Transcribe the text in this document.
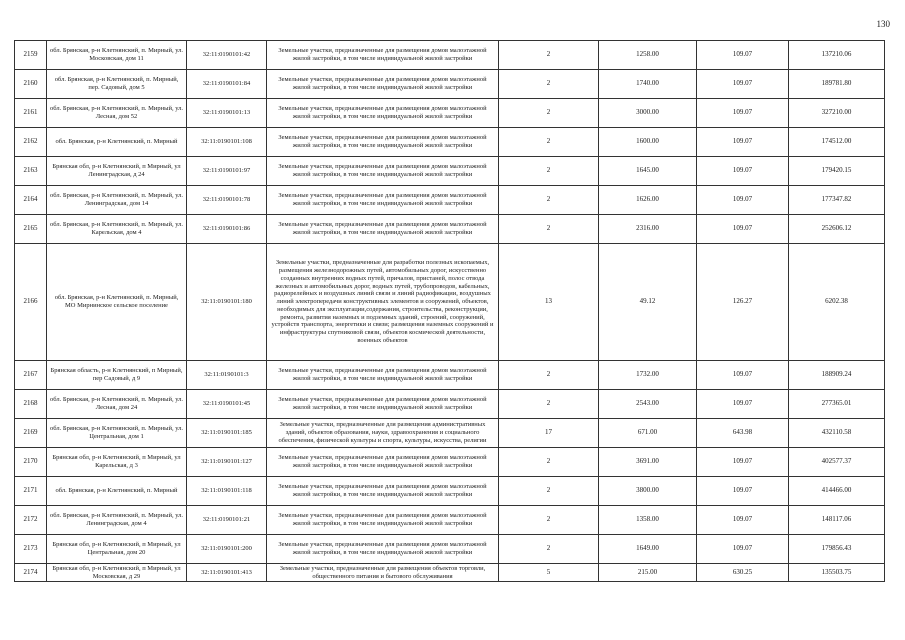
130
2159	обл. Брянская, р-н Клетнянский, п. Мирный, ул. Московская, дом 11	32:11:0190101:42	Земельные участки, предназначенные для размещения домов малоэтажной жилой застройки, в том числе индивидуальной жилой застройки	2	1258.00	109.07	137210.06
2160	обл. Брянская, р-н Клетнянский, п. Мирный, пер. Садовый, дом 5	32:11:0190101:84	Земельные участки, предназначенные для размещения домов малоэтажной жилой застройки, в том числе индивидуальной жилой застройки	2	1740.00	109.07	189781.80
2161	обл. Брянская, р-н Клетнянский, п. Мирный, ул. Лесная, дом 52	32:11:0190101:13	Земельные участки, предназначенные для размещения домов малоэтажной жилой застройки, в том числе индивидуальной жилой застройки	2	3000.00	109.07	327210.00
2162	обл. Брянская, р-н Клетнянский, п. Мирный	32:11:0190101:108	Земельные участки, предназначенные для размещения домов малоэтажной жилой застройки, в том числе индивидуальной жилой застройки	2	1600.00	109.07	174512.00
2163	Брянская обл, р-н Клетнянский, п Мирный, ул Ленинградская, д 24	32:11:0190101:97	Земельные участки, предназначенные для размещения домов малоэтажной жилой застройки, в том числе индивидуальной жилой застройки	2	1645.00	109.07	179420.15
2164	обл. Брянская, р-н Клетнянский, п. Мирный, ул. Ленинградская, дом 14	32:11:0190101:78	Земельные участки, предназначенные для размещения домов малоэтажной жилой застройки, в том числе индивидуальной жилой застройки	2	1626.00	109.07	177347.82
2165	обл. Брянская, р-н Клетнянский, п. Мирный, ул. Карельская, дом 4	32:11:0190101:86	Земельные участки, предназначенные для размещения домов малоэтажной жилой застройки, в том числе индивидуальной жилой застройки	2	2316.00	109.07	252606.12
2166	обл. Брянская, р-н Клетнянский, п. Мирный, МО Мирнинское сельское поселение	32:11:0190101:180	Земельные участки, предназначенные для разработки полезных ископаемых, размещения железнодорожных путей, автомобильных дорог, искусственно созданных внутренних водных путей, причалов, пристаней, полос отвода железных и автомобильных дорог, водных путей, трубопроводов, кабельных, радиорелейных и воздушных линий связи и линий радиофикации, воздушных линий электропередачи конструктивных элементов и сооружений, объектов, необходимых для эксплуатации,содержания, строительства, реконструкции, ремонта, развития наземных и подземных зданий, строений, сооружений, устройств транспорта, энергетики и связи; размещения наземных сооружений и инфраструктуры спутниковой связи, объектов космической деятельности, военных объектов	13	49.12	126.27	6202.38
2167	Брянская область, р-н Клетнянский, п Мирный, пер Садовый, д 9	32:11:0190101:3	Земельные участки, предназначенные для размещения домов малоэтажной жилой застройки, в том числе индивидуальной жилой застройки	2	1732.00	109.07	188909.24
2168	обл. Брянская, р-н Клетнянский, п. Мирный, ул. Лесная, дом 24	32:11:0190101:45	Земельные участки, предназначенные для размещения домов малоэтажной жилой застройки, в том числе индивидуальной жилой застройки	2	2543.00	109.07	277365.01
2169	обл. Брянская, р-н Клетнянский, п. Мирный, ул. Центральная, дом 1	32:11:0190101:185	Земельные участки, предназначенные для размещения административных зданий, объектов образования, науки, здравоохранения и социального обеспечения, физической культуры и спорта, культуры, искусства, религии	17	671.00	643.98	432110.58
2170	Брянская обл, р-н Клетнянский, п Мирный, ул Карельская, д 3	32:11:0190101:127	Земельные участки, предназначенные для размещения домов малоэтажной жилой застройки, в том числе индивидуальной жилой застройки	2	3691.00	109.07	402577.37
2171	обл. Брянская, р-н Клетнянский, п. Мирный	32:11:0190101:118	Земельные участки, предназначенные для размещения домов малоэтажной жилой застройки, в том числе индивидуальной жилой застройки	2	3800.00	109.07	414466.00
2172	обл. Брянская, р-н Клетнянский, п. Мирный, ул. Ленинградская, дом 4	32:11:0190101:21	Земельные участки, предназначенные для размещения домов малоэтажной жилой застройки, в том числе индивидуальной жилой застройки	2	1358.00	109.07	148117.06
2173	Брянская обл, р-н Клетнянский, п Мирный, ул Центральная, дом 20	32:11:0190101:200	Земельные участки, предназначенные для размещения домов малоэтажной жилой застройки, в том числе индивидуальной жилой застройки	2	1649.00	109.07	179856.43
2174	Брянская обл, р-н Клетнянский, п Мирный, ул Московская, д 29	32:11:0190101:413	Земельные участки, предназначенные для размещения объектов торговли, общественного питания и бытового обслуживания	5	215.00	630.25	135503.75
